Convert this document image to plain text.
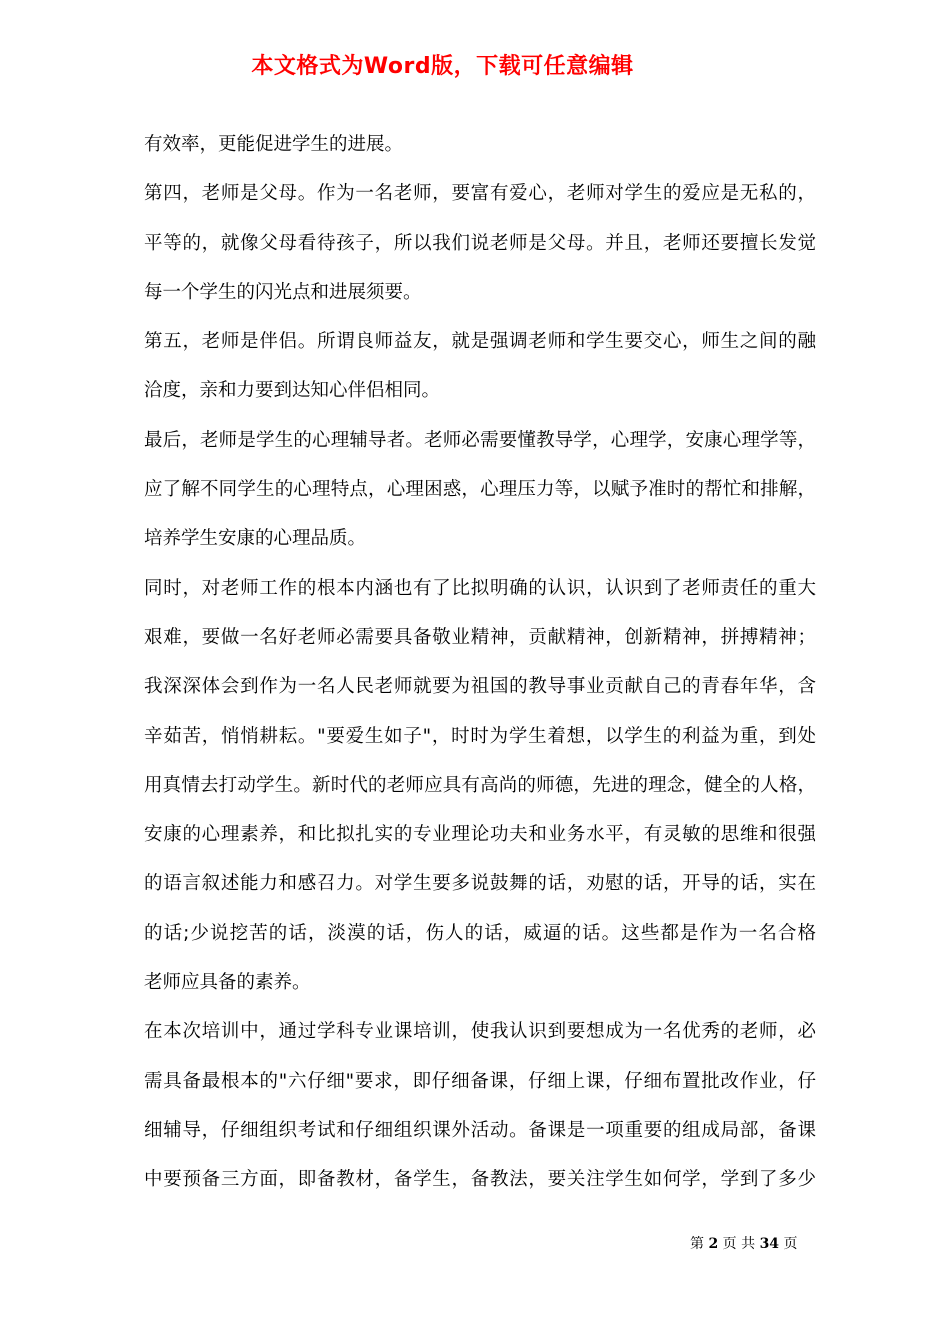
本文格式为Word版，下载可任意编辑
有效率，更能促进学生的进展。
第四，老师是父母。作为一名老师，要富有爱心，老师对学生的爱应是无私的，
平等的，就像父母看待孩子，所以我们说老师是父母。并且，老师还要擅长发觉
每一个学生的闪光点和进展须要。
第五，老师是伴侣。所谓良师益友，就是强调老师和学生要交心，师生之间的融
洽度，亲和力要到达知心伴侣相同。
最后，老师是学生的心理辅导者。老师必需要懂教导学，心理学，安康心理学等，
应了解不同学生的心理特点，心理困惑，心理压力等，以赋予准时的帮忙和排解，
培养学生安康的心理品质。
同时，对老师工作的根本内涵也有了比拟明确的认识，认识到了老师责任的重大
艰难，要做一名好老师必需要具备敬业精神，贡献精神，创新精神，拼搏精神；
我深深体会到作为一名人民老师就要为祖国的教导事业贡献自己的青春年华，含
辛茹苦，悄悄耕耘。"要爱生如子"，时时为学生着想，以学生的利益为重，到处
用真情去打动学生。新时代的老师应具有高尚的师德，先进的理念，健全的人格，
安康的心理素养，和比拟扎实的专业理论功夫和业务水平，有灵敏的思维和很强
的语言叙述能力和感召力。对学生要多说鼓舞的话，劝慰的话，开导的话，实在
的话;少说挖苦的话，淡漠的话，伤人的话，威逼的话。这些都是作为一名合格
老师应具备的素养。
在本次培训中，通过学科专业课培训，使我认识到要想成为一名优秀的老师，必
需具备最根本的"六仔细"要求，即仔细备课，仔细上课，仔细布置批改作业，仔
细辅导，仔细组织考试和仔细组织课外活动。备课是一项重要的组成局部，备课
中要预备三方面，即备教材，备学生，备教法，要关注学生如何学，学到了多少
第 2 页 共 34 页
